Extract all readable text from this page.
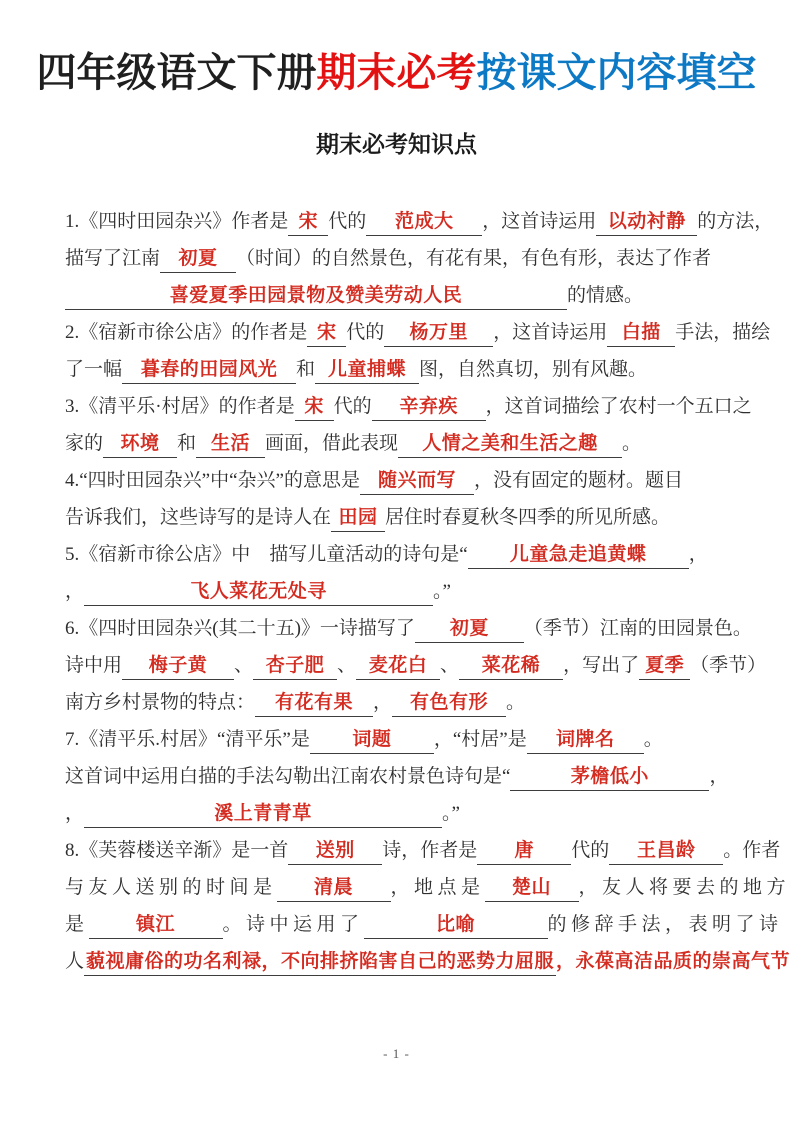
四年级语文下册期末必考按课文内容填空
期末必考知识点
1.《四时田园杂兴》作者是 宋 代的 范成大 ，这首诗运用 以动衬静 的方法，
描写了江南 初夏 （时间）的自然景色，有花有果，有色有形，表达了作者
喜爱夏季田园景物及赞美劳动人民	的情感。
2.《宿新市徐公店》的作者是 宋 代的 杨万里 ，这首诗运用 白描 手法，描绘
了一幅 暮春的田园风光 和 儿童捕蝶 图，自然真切，别有风趣。
3.《清平乐·村居》的作者是 宋 代的 辛弃疾 ，这首词描绘了农村一个五口之
家的 环境 和 生活 画面，借此表现 人情之美和生活之趣 。
4.“四时田园杂兴”中“杂兴”的意思是 随兴而写 ，没有固定的题材。题目
告诉我们，这些诗写的是诗人在 田园 居住时春夏秋冬四季的所见所感。
5.《宿新市徐公店》中　描写儿童活动的诗句是“ 儿童急走追黄蝶 ，
，	飞人菜花无处寻	。”
6.《四时田园杂兴(其二十五)》一诗描写了 初夏 （季节）江南的田园景色。
诗中用 梅子黄 、 杏子肥 、 麦花白 、 菜花稀 ，写出了 夏季 （季节）
南方乡村景物的特点： 有花有果 ， 有色有形 。
7.《清平乐.村居》“清平乐”是 词题 ，“村居”是 词牌名 。
这首词中运用白描的手法勾勒出江南农村景色诗句是“	茅檐低小	，
，	溪上青青草	。”
8.《芙蓉楼送辛渐》是一首 送别 诗，作者是 唐 代的 王昌龄 。作者
与友人送别的时间是 清晨 ，地点是 楚山 ，友人将要去的地方
是 镇江	。诗中运用了	比喻	的修辞手法，表明了诗
人 藐视庸俗的功名利禄，不向排挤陷害自己的恶势力屈服 ，永葆高洁品质的崇高气节
- 1 -
